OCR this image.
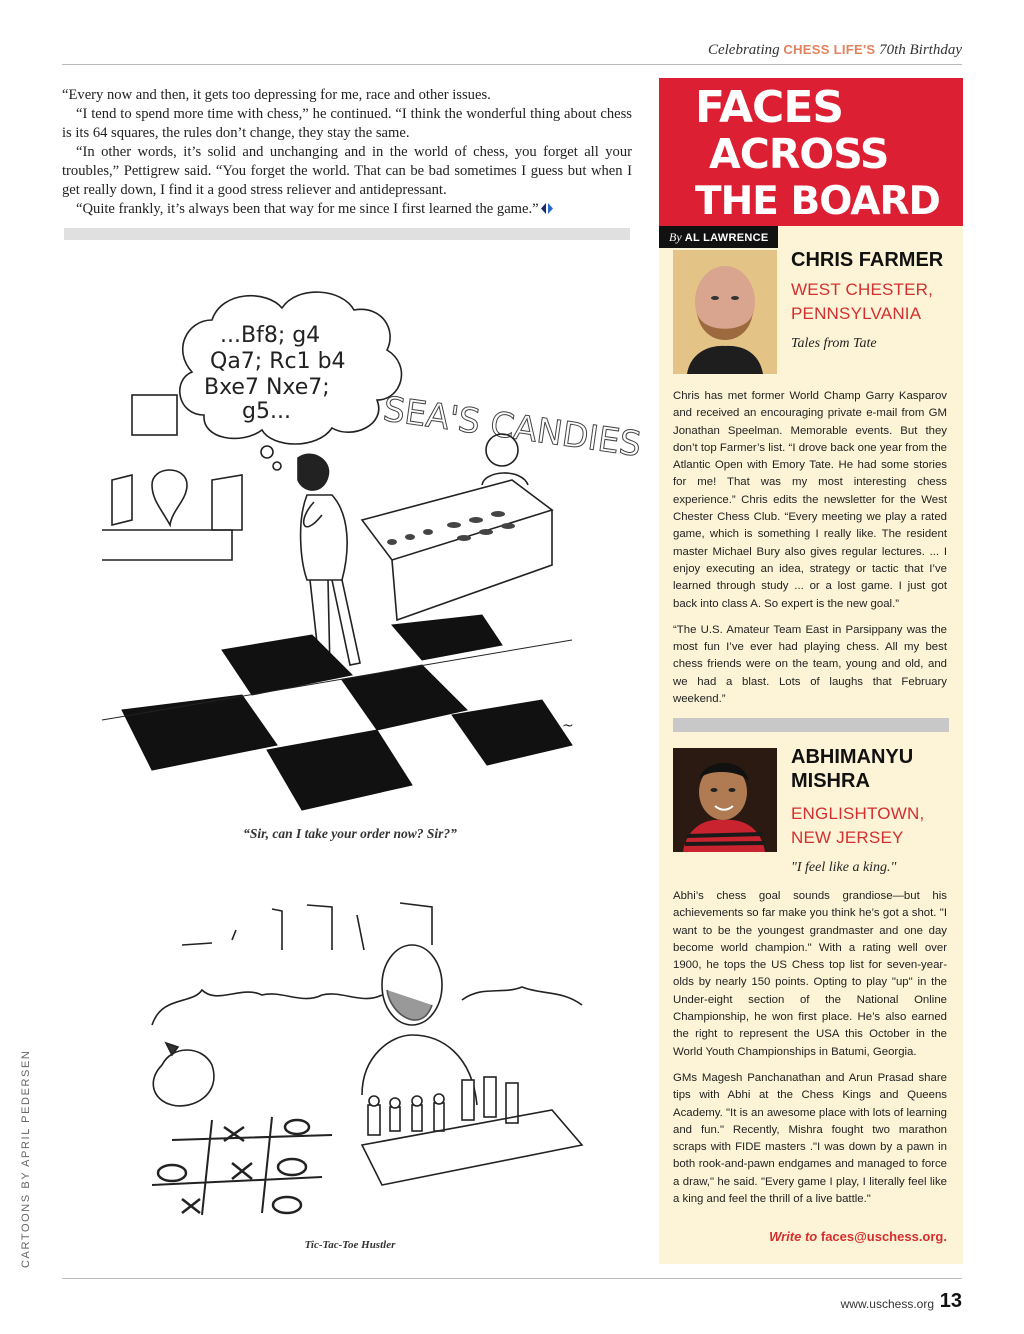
Celebrating CHESS LIFE'S 70th Birthday

“Every now and then, it gets too depressing for me, race and other issues.

“I tend to spend more time with chess,” he continued. “I think the wonderful thing about chess is its 64 squares, the rules don’t change, they stay the same.

“In other words, it’s solid and unchanging and in the world of chess, you forget all your troubles,” Pettigrew said. “You forget the world. That can be bad sometimes I guess but when I get really down, I find it a good stress reliever and antidepressant.

“Quite frankly, it’s always been that way for me since I first learned the game.”

...Bf8; g4
Qa7; Rc1 b4
Bxe7 Nxe7;
g5...	SEA'S CANDIES
~
“Sir, can I take your order now? Sir?”
Tic-Tac-Toe Hustler
CARTOONS BY APRIL PEDERSEN
FACES
ACROSS
THE BOARD
By AL LAWRENCE
CHRIS FARMER
WEST CHESTER,
PENNSYLVANIA
Tales from Tate

Chris has met former World Champ Garry Kasparov and received an encouraging private e-mail from GM Jonathan Speelman. Memorable events. But they don’t top Farmer’s list. “I drove back one year from the Atlantic Open with Emory Tate. He had some stories for me! That was my most interesting chess experience.” Chris edits the newsletter for the West Chester Chess Club. “Every meeting we play a rated game, which is something I really like. The resident master Michael Bury also gives regular lectures. ... I enjoy executing an idea, strategy or tactic that I’ve learned through study ... or a lost game. I just got back into class A. So expert is the new goal.”

“The U.S. Amateur Team East in Parsippany was the most fun I’ve ever had playing chess. All my best chess friends were on the team, young and old, and we had a blast. Lots of laughs that February weekend.”

ABHIMANYU
MISHRA
ENGLISHTOWN,
NEW JERSEY
"I feel like a king."

Abhi’s chess goal sounds grandiose—but his achievements so far make you think he’s got a shot. "I want to be the youngest grandmaster and one day become world champion." With a rating well over 1900, he tops the US Chess top list for seven-year-olds by nearly 150 points. Opting to play "up" in the Under-eight section of the National Online Championship, he won first place. He’s also earned the right to represent the USA this October in the World Youth Championships in Batumi, Georgia.

GMs Magesh Panchanathan and Arun Prasad share tips with Abhi at the Chess Kings and Queens Academy. "It is an awesome place with lots of learning and fun." Recently, Mishra fought two marathon scraps with FIDE masters ."I was down by a pawn in both rook-and-pawn endgames and managed to force a draw," he said. "Every game I play, I literally feel like a king and feel the thrill of a live battle."

Write to faces@uschess.org.
www.uschess.org 13
